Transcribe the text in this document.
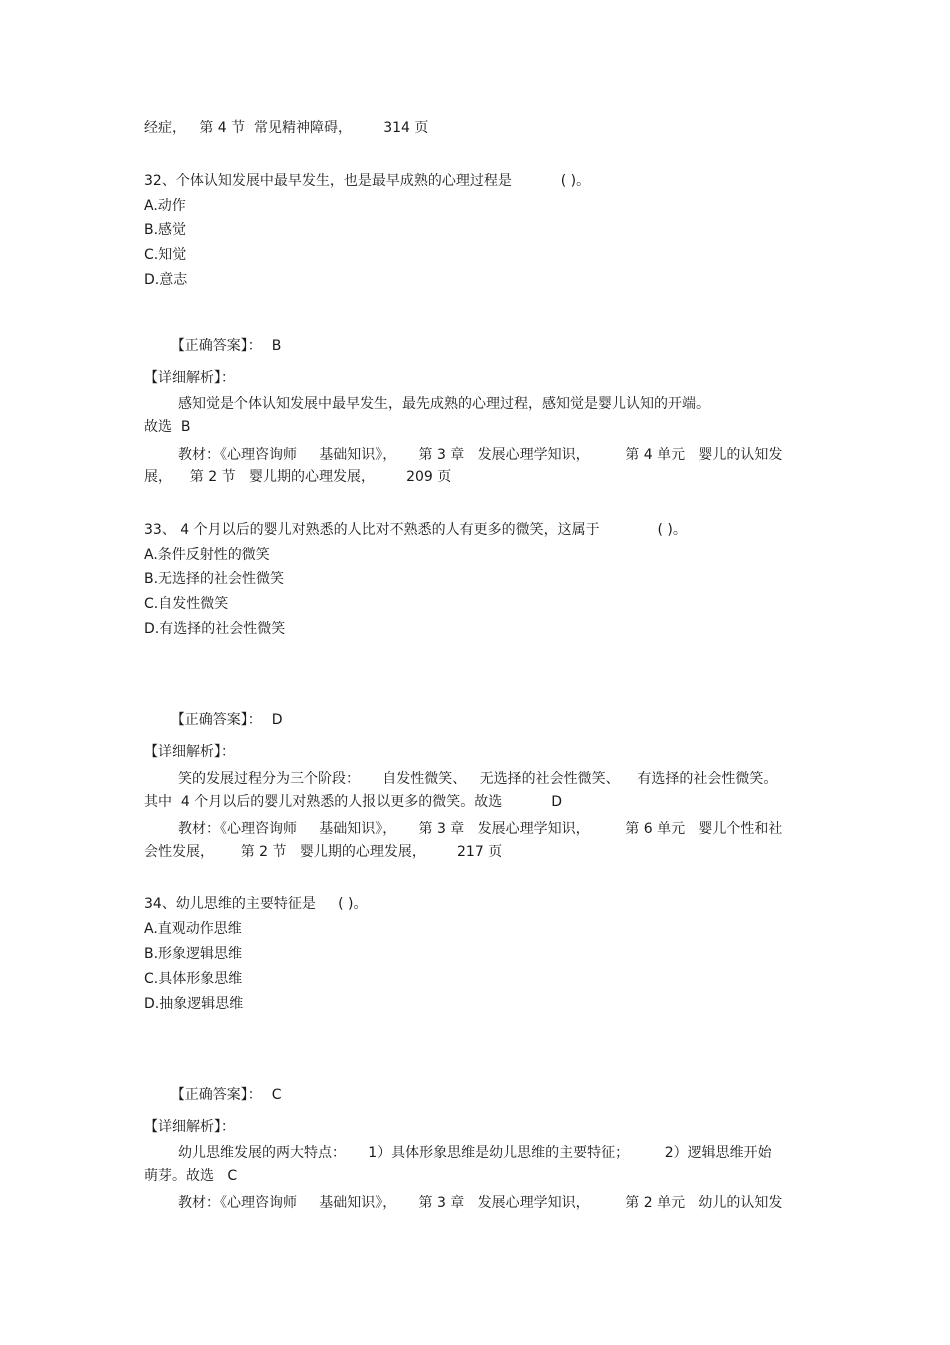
经症，   第 4 节  常见精神障碍，       314 页
32、个体认知发展中最早发生，也是最早成熟的心理过程是           ( )。
A.动作
B.感觉
C.知觉
D.意志

【正确答案】： B

【详细解析】：
感知觉是个体认知发展中最早发生，最先成熟的心理过程，感知觉是婴儿认知的开端。
故选  B
教材：《心理咨询师     基础知识》，     第 3 章   发展心理学知识，        第 4 单元   婴儿的认知发
展，    第 2 节   婴儿期的心理发展，       209 页
33、 4 个月以后的婴儿对熟悉的人比对不熟悉的人有更多的微笑，这属于             ( )。
A.条件反射性的微笑
B.无选择的社会性微笑
C.自发性微笑
D.有选择的社会性微笑

【正确答案】： D

【详细解析】：
笑的发展过程分为三个阶段：     自发性微笑、   无选择的社会性微笑、    有选择的社会性微笑。
其中  4 个月以后的婴儿对熟悉的人报以更多的微笑。故选           D
教材：《心理咨询师     基础知识》，     第 3 章   发展心理学知识，        第 6 单元   婴儿个性和社
会性发展，      第 2 节   婴儿期的心理发展，       217 页
34、幼儿思维的主要特征是     ( )。
A.直观动作思维
B.形象逻辑思维
C.具体形象思维
D.抽象逻辑思维

【正确答案】： C

【详细解析】：
幼儿思维发展的两大特点：     1）具体形象思维是幼儿思维的主要特征；        2）逻辑思维开始
萌芽。故选   C
教材：《心理咨询师     基础知识》，     第 3 章   发展心理学知识，        第 2 单元   幼儿的认知发
